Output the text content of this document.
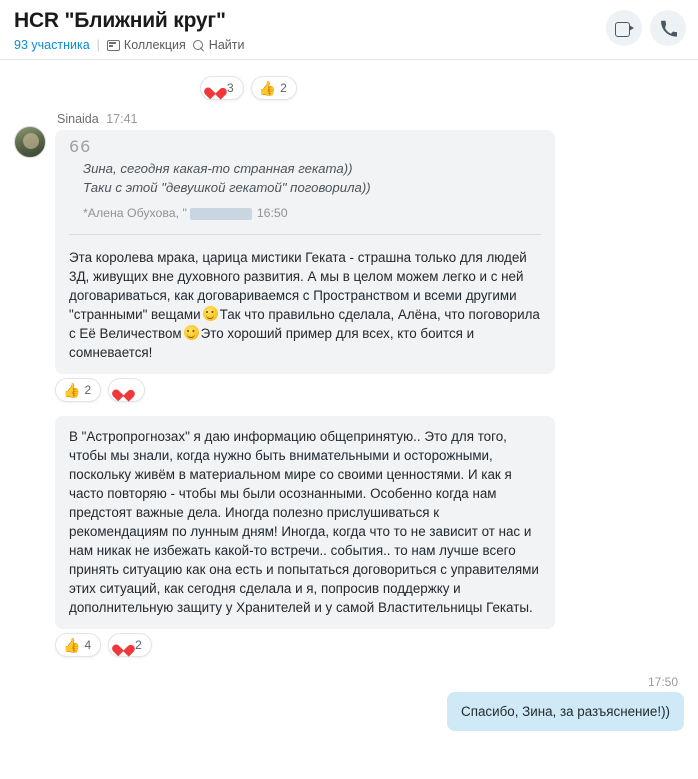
HCR "Ближний круг"
93 участника | Коллекция Найти
3 👍 2
Sinaida 17:41
66
Зина, сегодня какая-то странная геката))
Таки с этой "девушкой гекатой" поговорила))
*Алена Обухова, "	16:50

Эта королева мрака, царица мистики Геката - страшна только для людей 3Д, живущих вне духовного развития. А мы в целом можем легко и с ней договариваться, как договариваемся с Пространством и всеми другими "странными" вещами Так что правильно сделала, Алёна, что поговорила с Её Величеством Это хороший пример для всех, кто боится и сомневается!

👍 2

В "Астропрогнозах" я даю информацию общепринятую.. Это для того, чтобы мы знали, когда нужно быть внимательными и осторожными, поскольку живём в материальном мире со своими ценностями. И как я часто повторяю - чтобы мы были осознанными. Особенно когда нам предстоят важные дела. Иногда полезно прислушиваться к рекомендациям по лунным дням! Иногда, когда что то не зависит от нас и нам никак не избежать какой-то встречи.. события.. то нам лучше всего принять ситуацию как она есть и попытаться договориться с управителями этих ситуаций, как сегодня сделала и я, попросив поддержку и дополнительную защиту у Хранителей и у самой Властительницы Гекаты.

👍 4	2
17:50
Спасибо, Зина, за разъяснение!))
